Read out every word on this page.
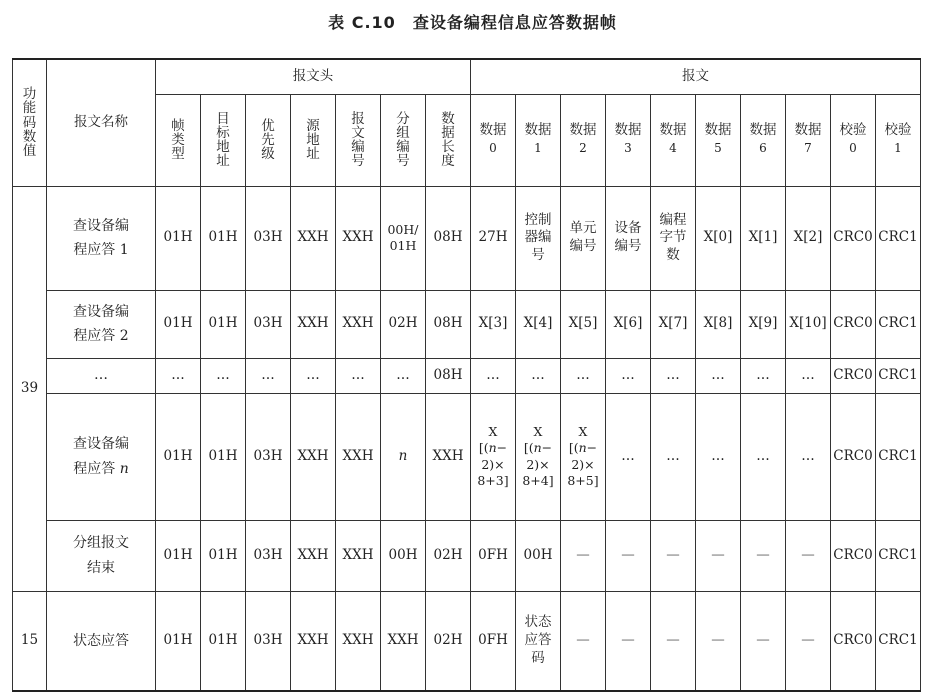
表 C.10　查设备编程信息应答数据帧
功
能
码
数
值	报文名称	报文头							报文									
		帧
类
型	目
标
地
址	优
先
级	源
地
址	报
文
编
号	分
组
编
号	数
据
长
度	数据
0	数据
1	数据
2	数据
3	数据
4	数据
5	数据
6	数据
7	校验
0	校验
1
39	查设备编
程应答 1	01H	01H	03H	XXH	XXH	00H/
01H	08H	27H	控制
器编
号	单元
编号	设备
编号	编程
字节
数	X[0]	X[1]	X[2]	CRC0	CRC1
	查设备编
程应答 2	01H	01H	03H	XXH	XXH	02H	08H	X[3]	X[4]	X[5]	X[6]	X[7]	X[8]	X[9]	X[10]	CRC0	CRC1
	…	…	…	…	…	…	…	08H	…	…	…	…	…	…	…	…	CRC0	CRC1
	查设备编
程应答 n	01H	01H	03H	XXH	XXH	n	XXH	X
[(n−
2)×
8+3]	X
[(n−
2)×
8+4]	X
[(n−
2)×
8+5]	…	…	…	…	…	CRC0	CRC1
	分组报文
结束	01H	01H	03H	XXH	XXH	00H	02H	0FH	00H	—	—	—	—	—	—	CRC0	CRC1
15	状态应答	01H	01H	03H	XXH	XXH	XXH	02H	0FH	状态
应答
码	—	—	—	—	—	—	CRC0	CRC1
